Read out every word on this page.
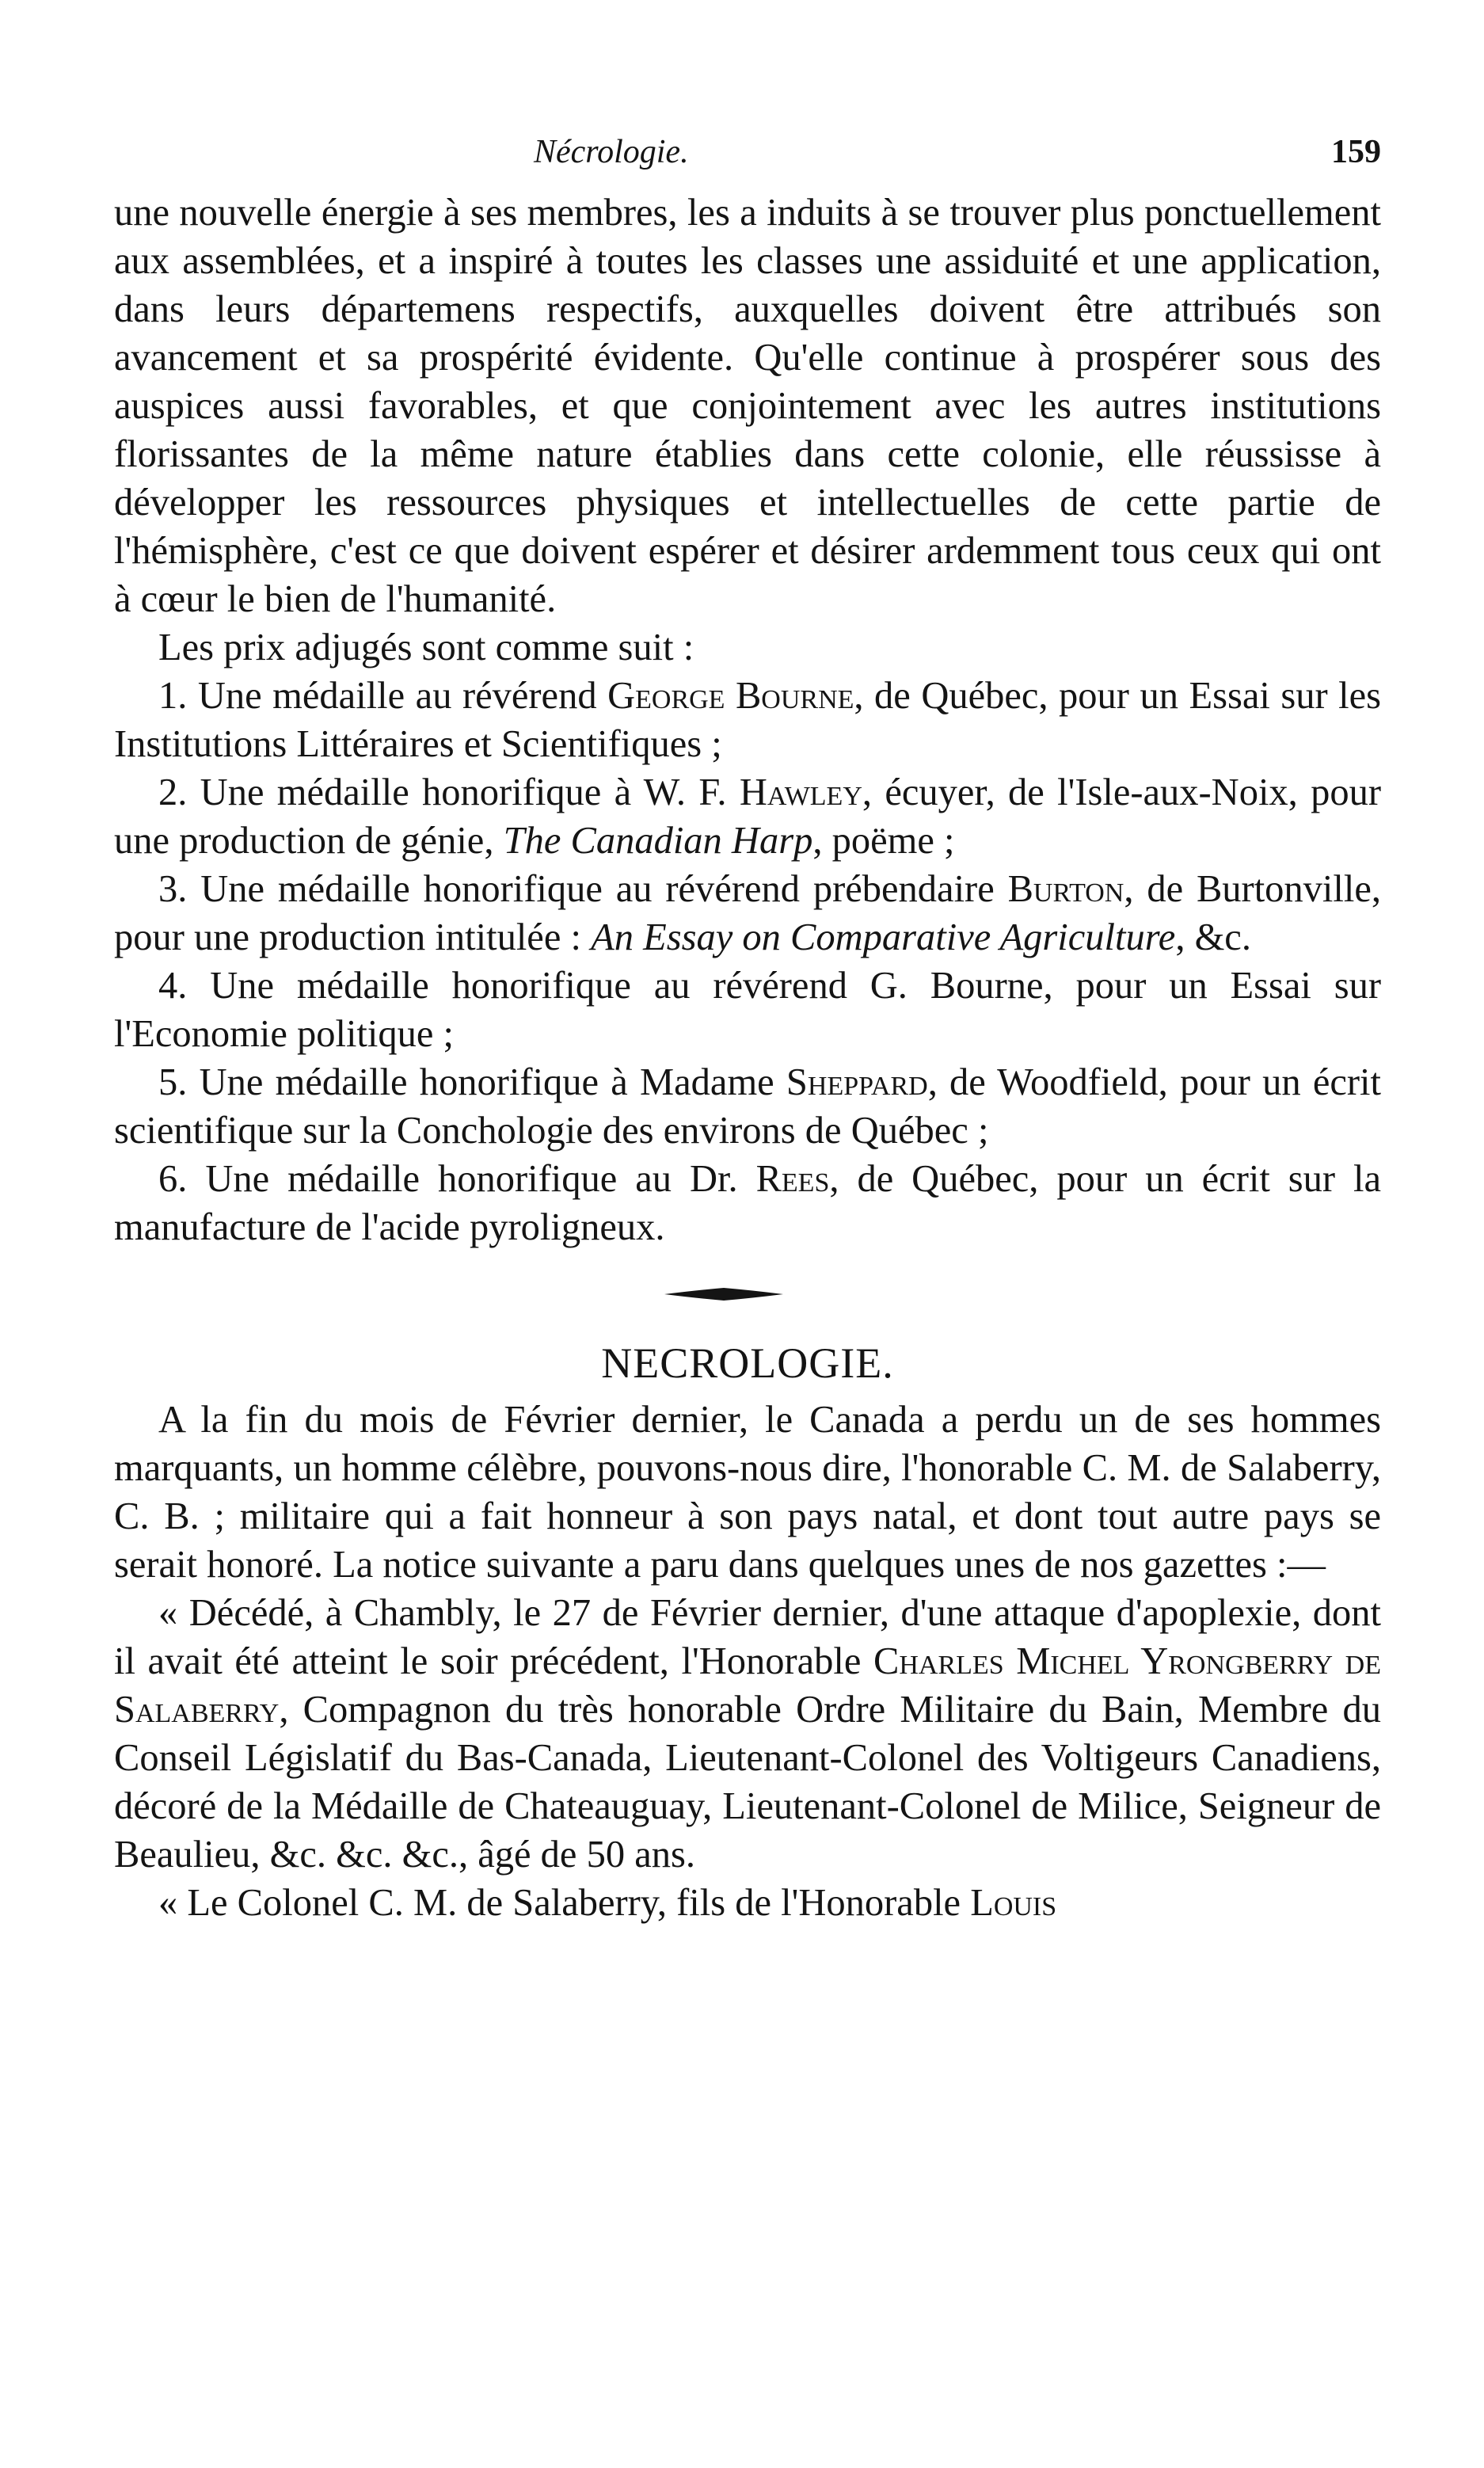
Nécrologie.	159

une nouvelle énergie à ses membres, les a induits à se trouver plus ponctuellement aux assemblées, et a inspiré à toutes les classes une assiduité et une application, dans leurs départemens respectifs, auxquelles doivent être attribués son avancement et sa prospérité évidente. Qu'elle continue à prospérer sous des auspices aussi favorables, et que conjointement avec les autres institutions florissantes de la même nature établies dans cette colonie, elle réussisse à développer les ressources physiques et intellectuelles de cette partie de l'hémisphère, c'est ce que doivent espérer et désirer ardemment tous ceux qui ont à cœur le bien de l'humanité.

Les prix adjugés sont comme suit :

1. Une médaille au révérend George Bourne, de Québec, pour un Essai sur les Institutions Littéraires et Scientifiques ;

2. Une médaille honorifique à W. F. Hawley, écuyer, de l'Isle-aux-Noix, pour une production de génie, The Canadian Harp, poëme ;

3. Une médaille honorifique au révérend prébendaire Burton, de Burtonville, pour une production intitulée : An Essay on Comparative Agriculture, &c.

4. Une médaille honorifique au révérend G. Bourne, pour un Essai sur l'Economie politique ;

5. Une médaille honorifique à Madame Sheppard, de Woodfield, pour un écrit scientifique sur la Conchologie des environs de Québec ;

6. Une médaille honorifique au Dr. Rees, de Québec, pour un écrit sur la manufacture de l'acide pyroligneux.

NECROLOGIE.

A la fin du mois de Février dernier, le Canada a perdu un de ses hommes marquants, un homme célèbre, pouvons-nous dire, l'honorable C. M. de Salaberry, C. B. ; militaire qui a fait honneur à son pays natal, et dont tout autre pays se serait honoré. La notice suivante a paru dans quelques unes de nos gazettes :—

« Décédé, à Chambly, le 27 de Février dernier, d'une attaque d'apoplexie, dont il avait été atteint le soir précédent, l'Honorable Charles Michel Yrongberry de Salaberry, Compagnon du très honorable Ordre Militaire du Bain, Membre du Conseil Législatif du Bas-Canada, Lieutenant-Colonel des Voltigeurs Canadiens, décoré de la Médaille de Chateauguay, Lieutenant-Colonel de Milice, Seigneur de Beaulieu, &c. &c. &c., âgé de 50 ans.

« Le Colonel C. M. de Salaberry, fils de l'Honorable Louis
